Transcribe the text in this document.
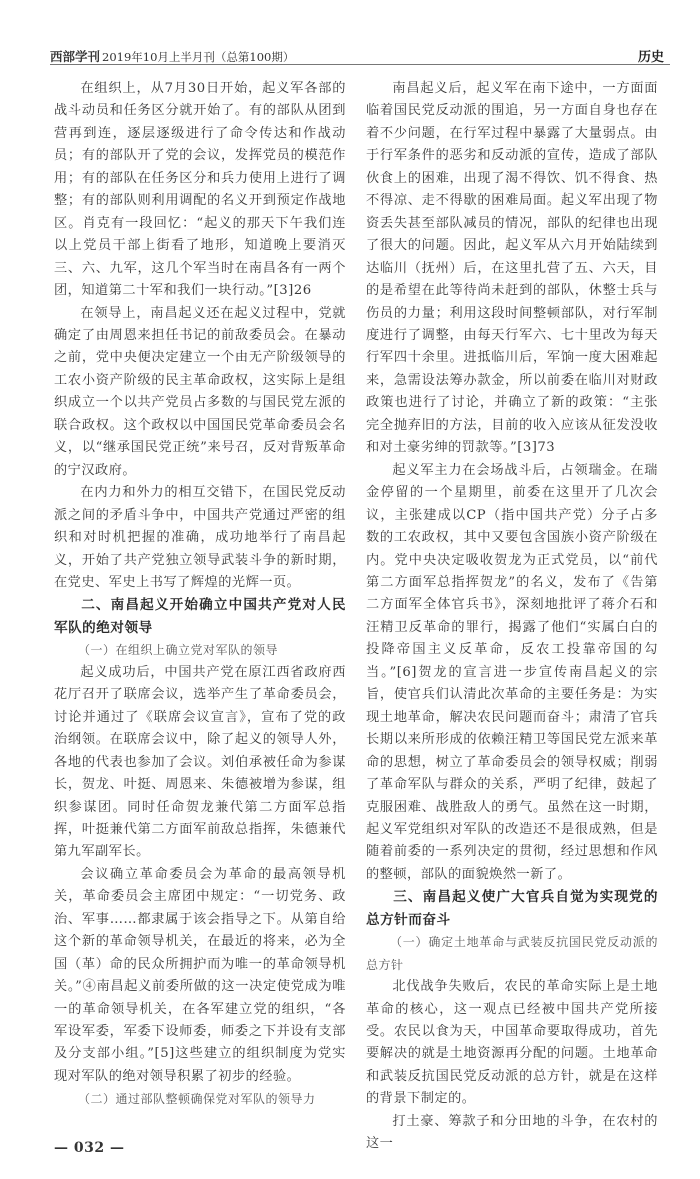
西部学刊 2019年10月上半月刊（总第100期）	历史

在组织上，从7月30日开始，起义军各部的战斗动员和任务区分就开始了。有的部队从团到营再到连，逐层逐级进行了命令传达和作战动员；有的部队开了党的会议，发挥党员的模范作用；有的部队在任务区分和兵力使用上进行了调整；有的部队则利用调配的名义开到预定作战地区。肖克有一段回忆：“起义的那天下午我们连以上党员干部上街看了地形，知道晚上要消灭三、六、九军，这几个军当时在南昌各有一两个团，知道第二十军和我们一块行动。”[3]26

在领导上，南昌起义还在起义过程中，党就确定了由周恩来担任书记的前敌委员会。在暴动之前，党中央便决定建立一个由无产阶级领导的工农小资产阶级的民主革命政权，这实际上是组织成立一个以共产党员占多数的与国民党左派的联合政权。这个政权以中国国民党革命委员会名义，以“继承国民党正统”来号召，反对背叛革命的宁汉政府。

在内力和外力的相互交错下，在国民党反动派之间的矛盾斗争中，中国共产党通过严密的组织和对时机把握的准确，成功地举行了南昌起义，开始了共产党独立领导武装斗争的新时期，在党史、军史上书写了辉煌的光辉一页。

二、南昌起义开始确立中国共产党对人民军队的绝对领导
（一）在组织上确立党对军队的领导

起义成功后，中国共产党在原江西省政府西花厅召开了联席会议，选举产生了革命委员会，讨论并通过了《联席会议宣言》，宣布了党的政治纲领。在联席会议中，除了起义的领导人外，各地的代表也参加了会议。刘伯承被任命为参谋长，贺龙、叶挺、周恩来、朱德被增为参谋，组织参谋团。同时任命贺龙兼代第二方面军总指挥，叶挺兼代第二方面军前敌总指挥，朱德兼代第九军副军长。

会议确立革命委员会为革命的最高领导机关，革命委员会主席团中规定：“一切党务、政治、军事……都隶属于该会指导之下。从第自给这个新的革命领导机关，在最近的将来，必为全国（革）命的民众所拥护而为唯一的革命领导机关。”④南昌起义前委所做的这一决定使党成为唯一的革命领导机关，在各军建立党的组织，“各军设军委，军委下设师委，师委之下并设有支部及分支部小组。”[5]这些建立的组织制度为党实现对军队的绝对领导积累了初步的经验。

（二）通过部队整顿确保党对军队的领导力
— 032 —

南昌起义后，起义军在南下途中，一方面面临着国民党反动派的围追，另一方面自身也存在着不少问题，在行军过程中暴露了大量弱点。由于行军条件的恶劣和反动派的宣传，造成了部队伙食上的困难，出现了渴不得饮、饥不得食、热不得凉、走不得歇的困难局面。起义军出现了物资丢失甚至部队减员的情况，部队的纪律也出现了很大的问题。因此，起义军从六月开始陆续到达临川（抚州）后，在这里扎营了五、六天，目的是希望在此等待尚未赶到的部队，休整士兵与伤员的力量；利用这段时间整顿部队，对行军制度进行了调整，由每天行军六、七十里改为每天行军四十余里。进抵临川后，军饷一度大困难起来，急需设法筹办款金，所以前委在临川对财政政策也进行了讨论，并确立了新的政策：“主张完全抛弃旧的方法，目前的收入应该从征发没收和对土豪劣绅的罚款等。”[3]73

起义军主力在会场战斗后，占领瑞金。在瑞金停留的一个星期里，前委在这里开了几次会议，主张建成以CP（指中国共产党）分子占多数的工农政权，其中又要包含国族小资产阶级在内。党中央决定吸收贺龙为正式党员，以“前代第二方面军总指挥贺龙”的名义，发布了《告第二方面军全体官兵书》，深刻地批评了蒋介石和汪精卫反革命的罪行，揭露了他们“实属白白的投降帝国主义反革命，反农工投靠帝国的勾当。”[6]贺龙的宣言进一步宣传南昌起义的宗旨，使官兵们认清此次革命的主要任务是：为实现土地革命，解决农民问题而奋斗；肃清了官兵长期以来所形成的依赖汪精卫等国民党左派来革命的思想，树立了革命委员会的领导权威；削弱了革命军队与群众的关系，严明了纪律，鼓起了克服困难、战胜敌人的勇气。虽然在这一时期，起义军党组织对军队的改造还不是很成熟，但是随着前委的一系列决定的贯彻，经过思想和作风的整顿，部队的面貌焕然一新了。

三、南昌起义使广大官兵自觉为实现党的总方针而奋斗
（一）确定土地革命与武装反抗国民党反动派的总方针

北伐战争失败后，农民的革命实际上是土地革命的核心，这一观点已经被中国共产党所接受。农民以食为天，中国革命要取得成功，首先要解决的就是土地资源再分配的问题。土地革命和武装反抗国民党反动派的总方针，就是在这样的背景下制定的。

打土豪、筹款子和分田地的斗争，在农村的这一
